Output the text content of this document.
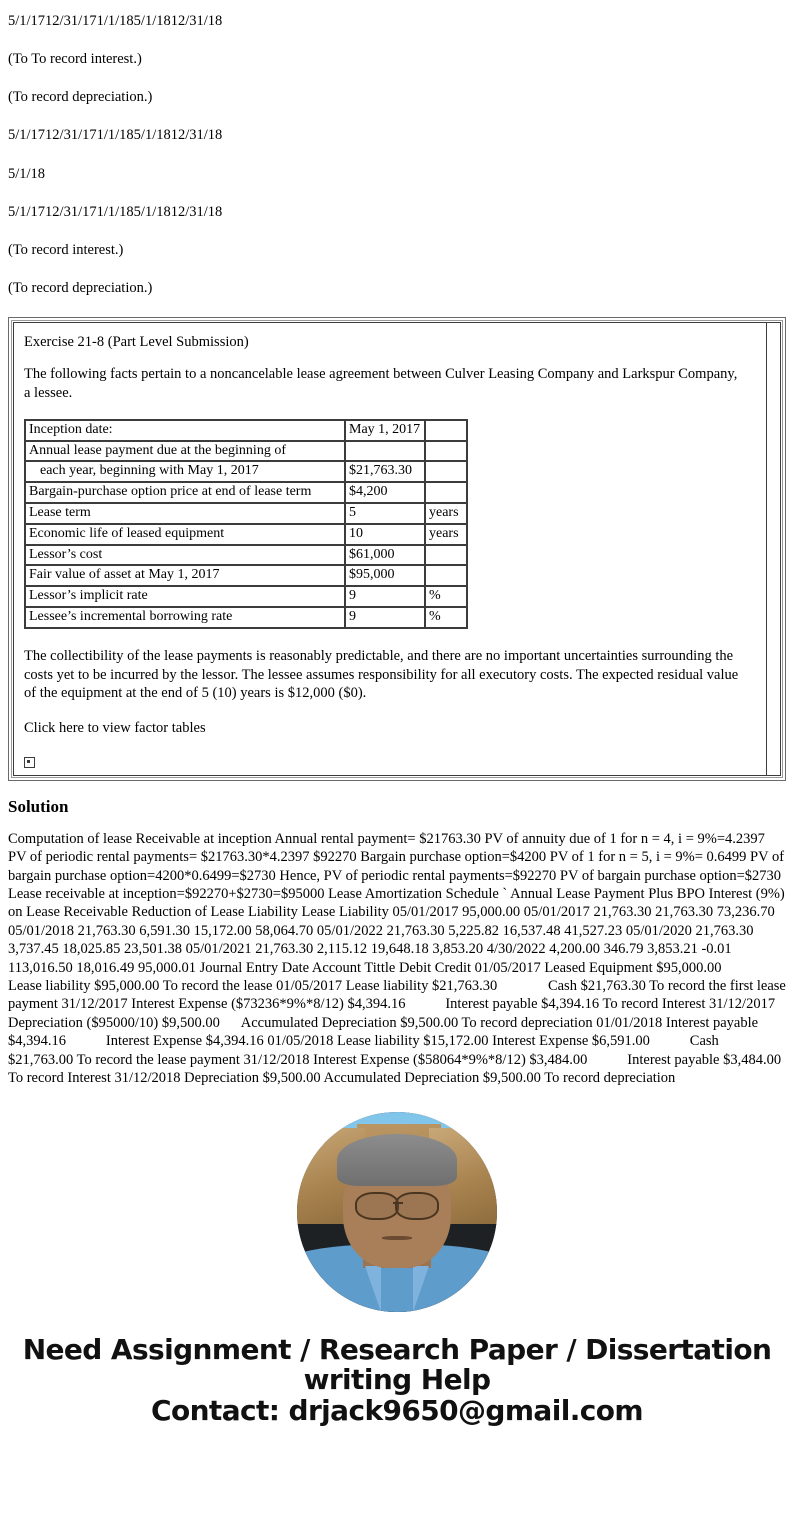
5/1/1712/31/171/1/185/1/1812/31/18

(To To record interest.)

(To record depreciation.)

5/1/1712/31/171/1/185/1/1812/31/18

5/1/18

5/1/1712/31/171/1/185/1/1812/31/18

(To record interest.)

(To record depreciation.)

Exercise 21-8 (Part Level Submission)

The following facts pertain to a noncancelable lease agreement between Culver Leasing Company and Larkspur Company, a lessee.

Inception date:	May 1, 2017	
Annual lease payment due at the beginning of		
each year, beginning with May 1, 2017	$21,763.30	
Bargain-purchase option price at end of lease term	$4,200	
Lease term	5	years
Economic life of leased equipment	10	years
Lessor’s cost	$61,000	
Fair value of asset at May 1, 2017	$95,000	
Lessor’s implicit rate	9	%
Lessee’s incremental borrowing rate	9	%

The collectibility of the lease payments is reasonably predictable, and there are no important uncertainties surrounding the costs yet to be incurred by the lessor. The lessee assumes responsibility for all executory costs. The expected residual value of the equipment at the end of 5 (10) years is $12,000 ($0).

Click here to view factor tables
Solution

Computation of lease Receivable at inception Annual rental payment= $21763.30 PV of annuity due of 1 for n = 4, i = 9%=4.2397 PV of periodic rental payments= $21763.30*4.2397 $92270 Bargain purchase option=$4200 PV of 1 for n = 5, i = 9%= 0.6499 PV of bargain purchase option=4200*0.6499=$2730 Hence, PV of periodic rental payments=$92270 PV of bargain purchase option=$2730 Lease receivable at inception=$92270+$2730=$95000 Lease Amortization Schedule ` Annual Lease Payment Plus BPO Interest (9%) on Lease Receivable Reduction of Lease Liability Lease Liability 05/01/2017 95,000.00 05/01/2017 21,763.30 21,763.30 73,236.70 05/01/2018 21,763.30 6,591.30 15,172.00 58,064.70 05/01/2022 21,763.30 5,225.82 16,537.48 41,527.23 05/01/2020 21,763.30 3,737.45 18,025.85 23,501.38 05/01/2021 21,763.30 2,115.12 19,648.18 3,853.20 4/30/2022 4,200.00 346.79 3,853.21 -0.01 113,016.50 18,016.49 95,000.01 Journal Entry Date Account Tittle Debit Credit 01/05/2017 Leased Equipment $95,000.00          Lease liability $95,000.00 To record the lease 01/05/2017 Lease liability $21,763.30              Cash $21,763.30 To record the first lease payment 31/12/2017 Interest Expense ($73236*9%*8/12) $4,394.16           Interest payable $4,394.16 To record Interest 31/12/2017 Depreciation ($95000/10) $9,500.00      Accumulated Depreciation $9,500.00 To record depreciation 01/01/2018 Interest payable $4,394.16           Interest Expense $4,394.16 01/05/2018 Lease liability $15,172.00 Interest Expense $6,591.00           Cash $21,763.00 To record the lease payment 31/12/2018 Interest Expense ($58064*9%*8/12) $3,484.00           Interest payable $3,484.00 To record Interest 31/12/2018 Depreciation $9,500.00 Accumulated Depreciation $9,500.00 To record depreciation

Need Assignment / Research Paper / Dissertation
writing Help
Contact: drjack9650@gmail.com
